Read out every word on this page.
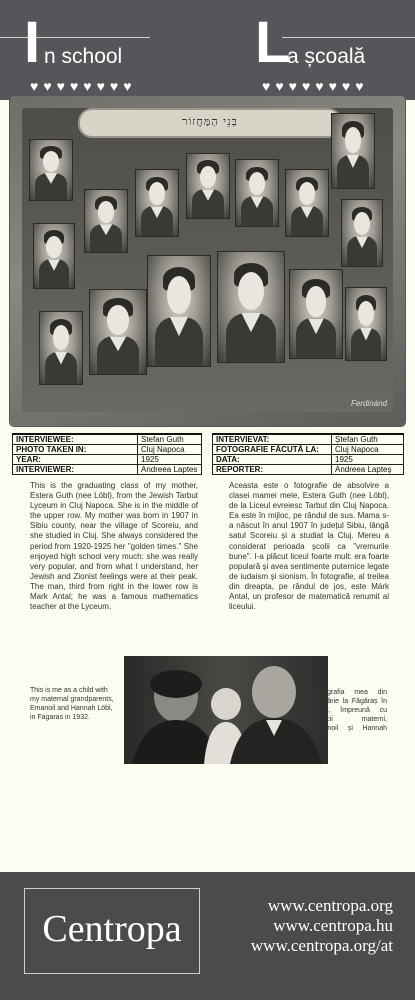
I n school
♥♥♥♥♥♥♥♥
L
a școală
♥♥♥♥♥♥♥♥
בְּנֵי הַמַּחֲזוֹר
Ferdinánd
INTERVIEWEE:	Stefan Guth
PHOTO TAKEN IN:	Cluj Napoca
YEAR:	1925
INTERVIEWER:	Andreea Laptes
INTERVIEVAT:	Ștefan Guth
FOTOGRAFIE FĂCUTĂ LA:	Cluj Napoca
DATA:	1925
REPORTER:	Andreea Lapteș
This is the graduating class of my mother, Estera Guth (nee Löbl), from the Jewish Tarbut Lyceum in Cluj Napoca. She is in the middle of the upper row. My mother was born in 1907 in Sibiu county, near the village of Scoreiu, and she studied in Cluj. She always considered the period from 1920-1925 her "golden times." She enjoyed high school very much: she was really very popular, and from what I understand, her Jewish and Zionist feelings were at their peak. The man, third from right in the lower row is Mark Antal; he was a famous mathematics teacher at the Lyceum.
Aceasta este o fotografie de absolvire a clasei mamei mele, Estera Guth (nee Löbl), de la Liceul evreiesc Tarbut din Cluj Napoca. Ea este în mijloc, pe rândul de sus. Mama s-a născut în anul 1907 în județul Sibiu, lângă satul Scoreiu și a studiat la Cluj. Mereu a considerat perioada școlii ca "vremurile bune". I-a plăcut liceul foarte mult: era foarte populară și avea sentimente puternice legate de iudaism și sionism. În fotografie, al treilea din dreapta, pe rândul de jos, este Márk Antal, un profesor de matematică renumit al liceului.
This is me as a child with my maternal grandparents, Emanoil and Hannah Löbl, in Fagaras in 1932.
Fotografia mea din copilărie la Făgăraș în 1932, împreună cu bunicii materni, Emanoil și Hannah Löbl.
Centropa
www.centropa.org
www.centropa.hu
www.centropa.org/at
